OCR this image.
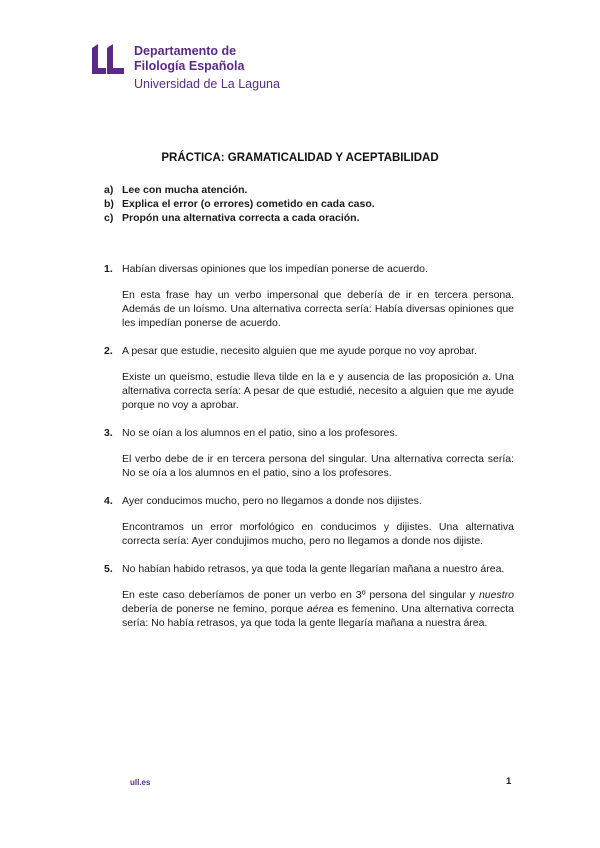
Departamento de
Filología Española
Universidad de La Laguna
PRÁCTICA: GRAMATICALIDAD Y ACEPTABILIDAD
a) Lee con mucha atención.
b) Explica el error (o errores) cometido en cada caso.
c) Propón una alternativa correcta a cada oración.
1. Habían diversas opiniones que los impedían ponerse de acuerdo.
En esta frase hay un verbo impersonal que debería de ir en tercera persona. Además de un loísmo. Una alternativa correcta sería: Había diversas opiniones que les impedían ponerse de acuerdo.
2. A pesar que estudie, necesito alguien que me ayude porque no voy aprobar.
Existe un queísmo, estudie lleva tilde en la e y ausencia de las proposición a. Una alternativa correcta sería: A pesar de que estudié, necesito a alguien que me ayude porque no voy a aprobar.
3. No se oían a los alumnos en el patio, sino a los profesores.
El verbo debe de ir en tercera persona del singular. Una alternativa correcta sería: No se oía a los alumnos en el patio, sino a los profesores.
4. Ayer conducimos mucho, pero no llegamos a donde nos dijistes.
Encontramos un error morfológico en conducimos y dijistes. Una alternativa correcta sería: Ayer condujimos mucho, pero no llegamos a donde nos dijiste.
5. No habían habido retrasos, ya que toda la gente llegarían mañana a nuestro área.
En este caso deberíamos de poner un verbo en 3º persona del singular y nuestro debería de ponerse ne femino, porque aérea es femenino. Una alternativa correcta sería: No había retrasos, ya que toda la gente llegaría mañana a nuestra área.
ull.es	1
